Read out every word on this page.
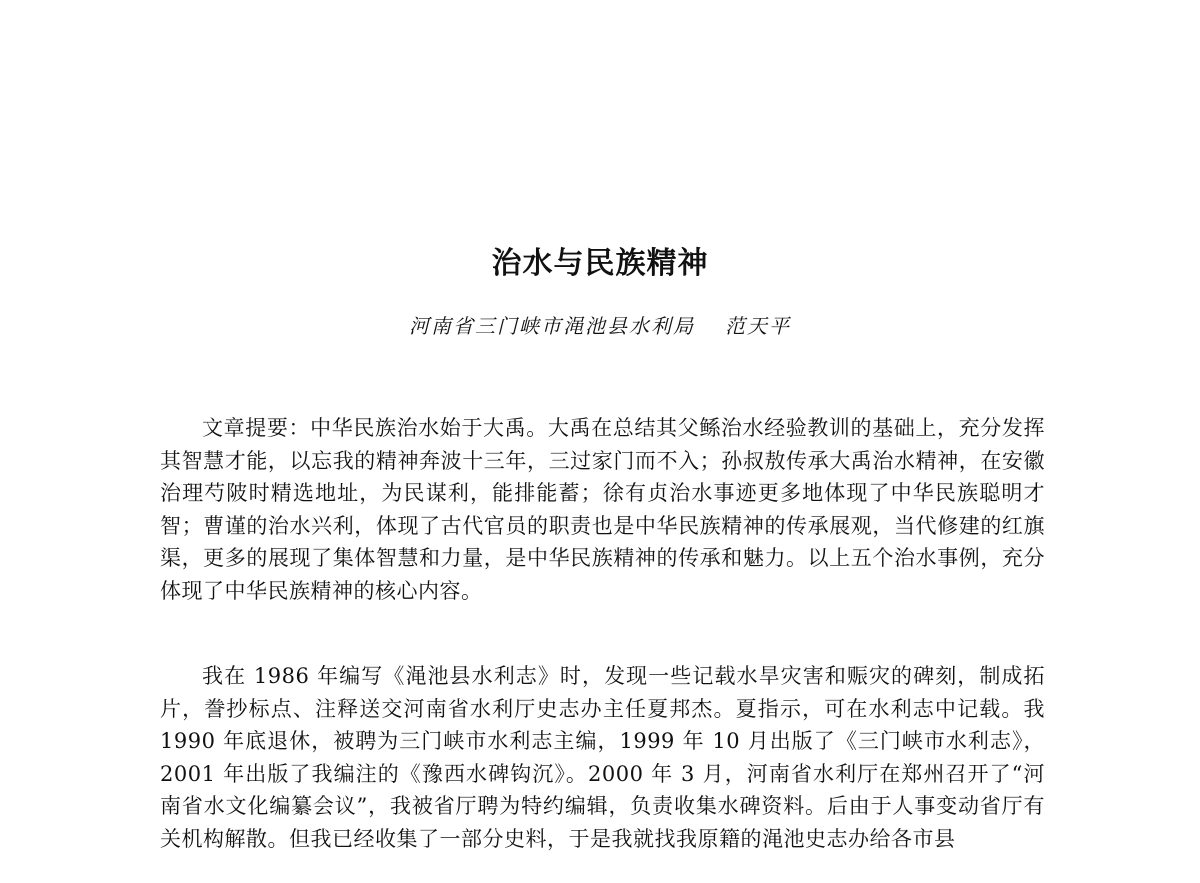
治水与民族精神
河南省三门峡市渑池县水利局 范天平

文章提要：中华民族治水始于大禹。大禹在总结其父鲧治水经验教训的基础上，充分发挥其智慧才能，以忘我的精神奔波十三年，三过家门而不入；孙叔敖传承大禹治水精神，在安徽治理芍陂时精选地址，为民谋利，能排能蓄；徐有贞治水事迹更多地体现了中华民族聪明才智；曹谨的治水兴利，体现了古代官员的职责也是中华民族精神的传承展观，当代修建的红旗渠，更多的展现了集体智慧和力量，是中华民族精神的传承和魅力。以上五个治水事例，充分体现了中华民族精神的核心内容。

我在 1986 年编写《渑池县水利志》时，发现一些记载水旱灾害和赈灾的碑刻，制成拓片，誊抄标点、注释送交河南省水利厅史志办主任夏邦杰。夏指示，可在水利志中记载。我 1990 年底退休，被聘为三门峡市水利志主编，1999 年 10 月出版了《三门峡市水利志》，2001 年出版了我编注的《豫西水碑钩沉》。2000 年 3 月，河南省水利厅在郑州召开了“河南省水文化编纂会议”，我被省厅聘为特约编辑，负责收集水碑资料。后由于人事变动省厅有关机构解散。但我已经收集了一部分史料，于是我就找我原籍的渑池史志办给各市县
